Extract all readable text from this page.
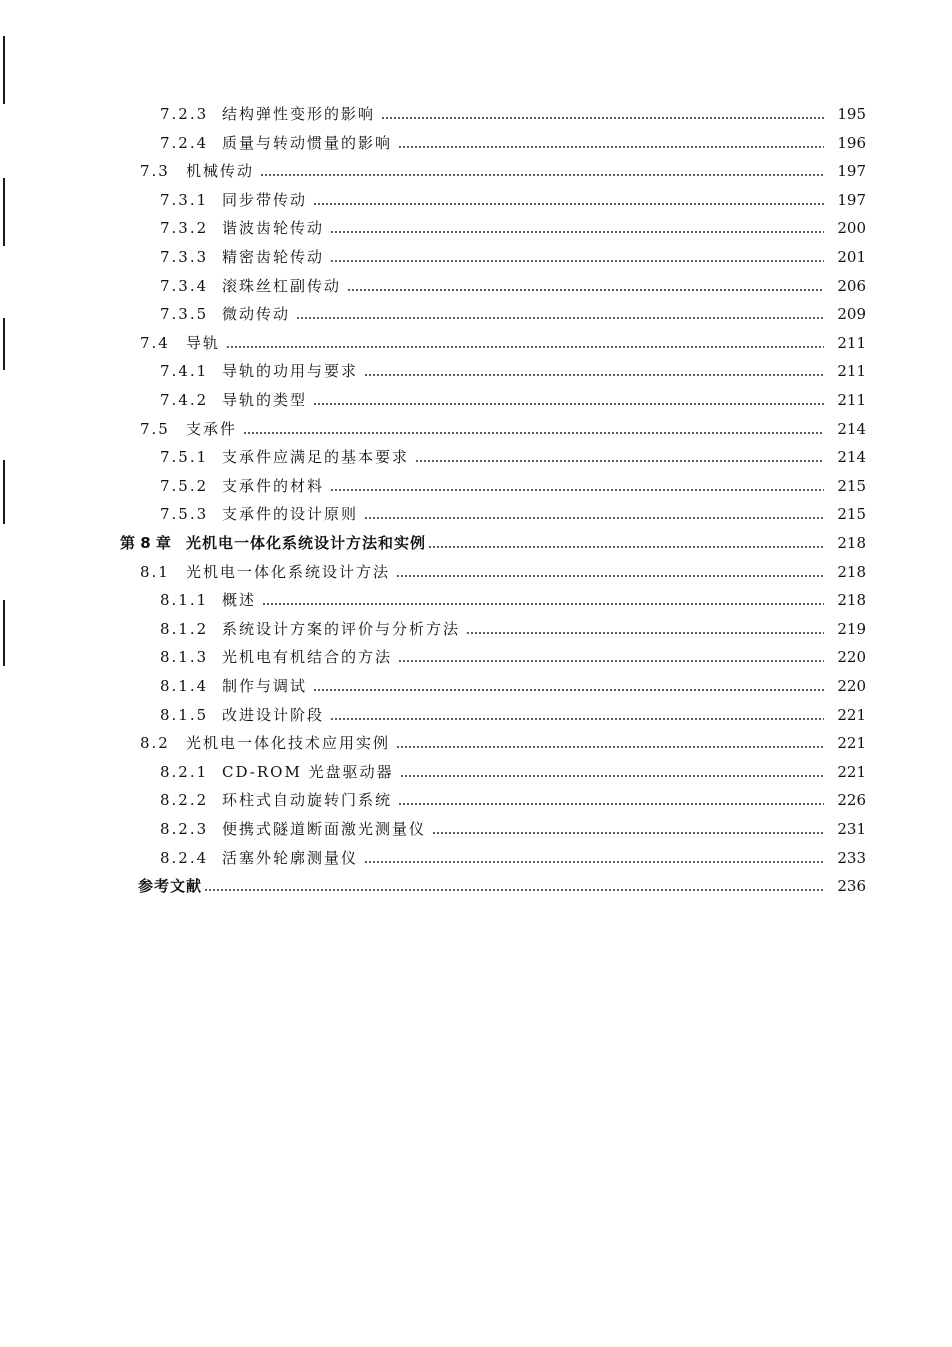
7.2.3 结构弹性变形的影响	195
7.2.4 质量与转动惯量的影响	196
7.3	机械传动	197
7.3.1 同步带传动	197
7.3.2 谐波齿轮传动	200
7.3.3 精密齿轮传动	201
7.3.4 滚珠丝杠副传动	206
7.3.5 微动传动	209
7.4	导轨	211
7.4.1 导轨的功用与要求	211
7.4.2 导轨的类型	211
7.5	支承件	214
7.5.1 支承件应满足的基本要求	214
7.5.2 支承件的材料	215
7.5.3 支承件的设计原则	215
第 8 章	光机电一体化系统设计方法和实例	218
8.1	光机电一体化系统设计方法	218
8.1.1 概述	218
8.1.2 系统设计方案的评价与分析方法	219
8.1.3 光机电有机结合的方法	220
8.1.4 制作与调试	220
8.1.5 改进设计阶段	221
8.2	光机电一体化技术应用实例	221
8.2.1 CD-ROM 光盘驱动器	221
8.2.2 环柱式自动旋转门系统	226
8.2.3 便携式隧道断面激光测量仪	231
8.2.4 活塞外轮廓测量仪	233
参考文献	236
